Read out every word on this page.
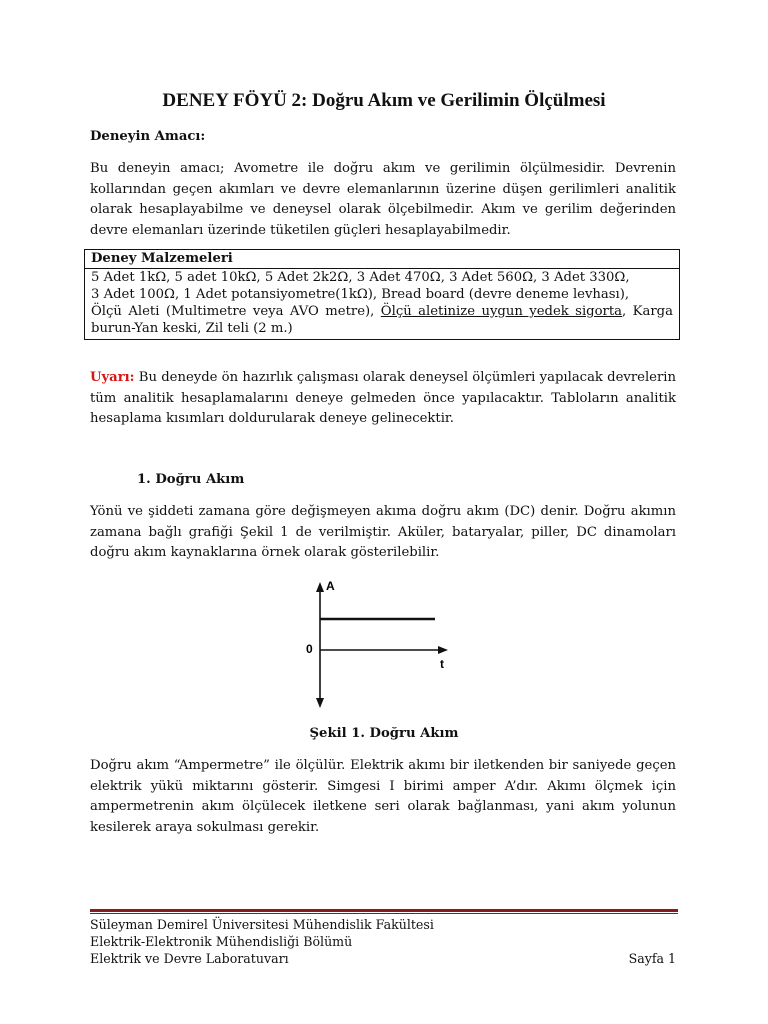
DENEY FÖYÜ 2: Doğru Akım ve Gerilimin Ölçülmesi
Deneyin Amacı:
Bu deneyin amacı; Avometre ile doğru akım ve gerilimin ölçülmesidir. Devrenin
kollarından geçen akımları ve devre elemanlarının üzerine düşen gerilimleri analitik
olarak hesaplayabilme ve deneysel olarak ölçebilmedir. Akım ve gerilim değerinden
devre elemanları üzerinde tüketilen güçleri hesaplayabilmedir.
Deney Malzemeleri
5 Adet 1kΩ, 5 adet 10kΩ, 5 Adet 2k2Ω, 3 Adet 470Ω, 3 Adet 560Ω, 3 Adet 330Ω,
3 Adet 100Ω, 1 Adet potansiyometre(1kΩ), Bread board (devre deneme levhası),
Ölçü Aleti (Multimetre veya AVO metre), Ölçü aletinize uygun yedek sigorta, Karga
burun-Yan keski, Zil teli (2 m.)
Uyarı: Bu deneyde ön hazırlık çalışması olarak deneysel ölçümleri yapılacak devrelerin
tüm analitik hesaplamalarını deneye gelmeden önce yapılacaktır. Tabloların analitik
hesaplama kısımları doldurularak deneye gelinecektir.
1. Doğru Akım
Yönü ve şiddeti zamana göre değişmeyen akıma doğru akım (DC) denir. Doğru akımın
zamana bağlı grafiği Şekil 1 de verilmiştir. Aküler, bataryalar, piller, DC dinamoları
doğru akım kaynaklarına örnek olarak gösterilebilir.
A
0
t
Şekil 1. Doğru Akım
Doğru akım “Ampermetre” ile ölçülür. Elektrik akımı bir iletkenden bir saniyede geçen
elektrik yükü miktarını gösterir. Simgesi I birimi amper A’dır. Akımı ölçmek için
ampermetrenin akım ölçülecek iletkene seri olarak bağlanması, yani akım yolunun
kesilerek araya sokulması gerekir.
Süleyman Demirel Üniversitesi Mühendislik Fakültesi
Elektrik-Elektronik Mühendisliği Bölümü
Elektrik ve Devre Laboratuvarı	Sayfa 1
